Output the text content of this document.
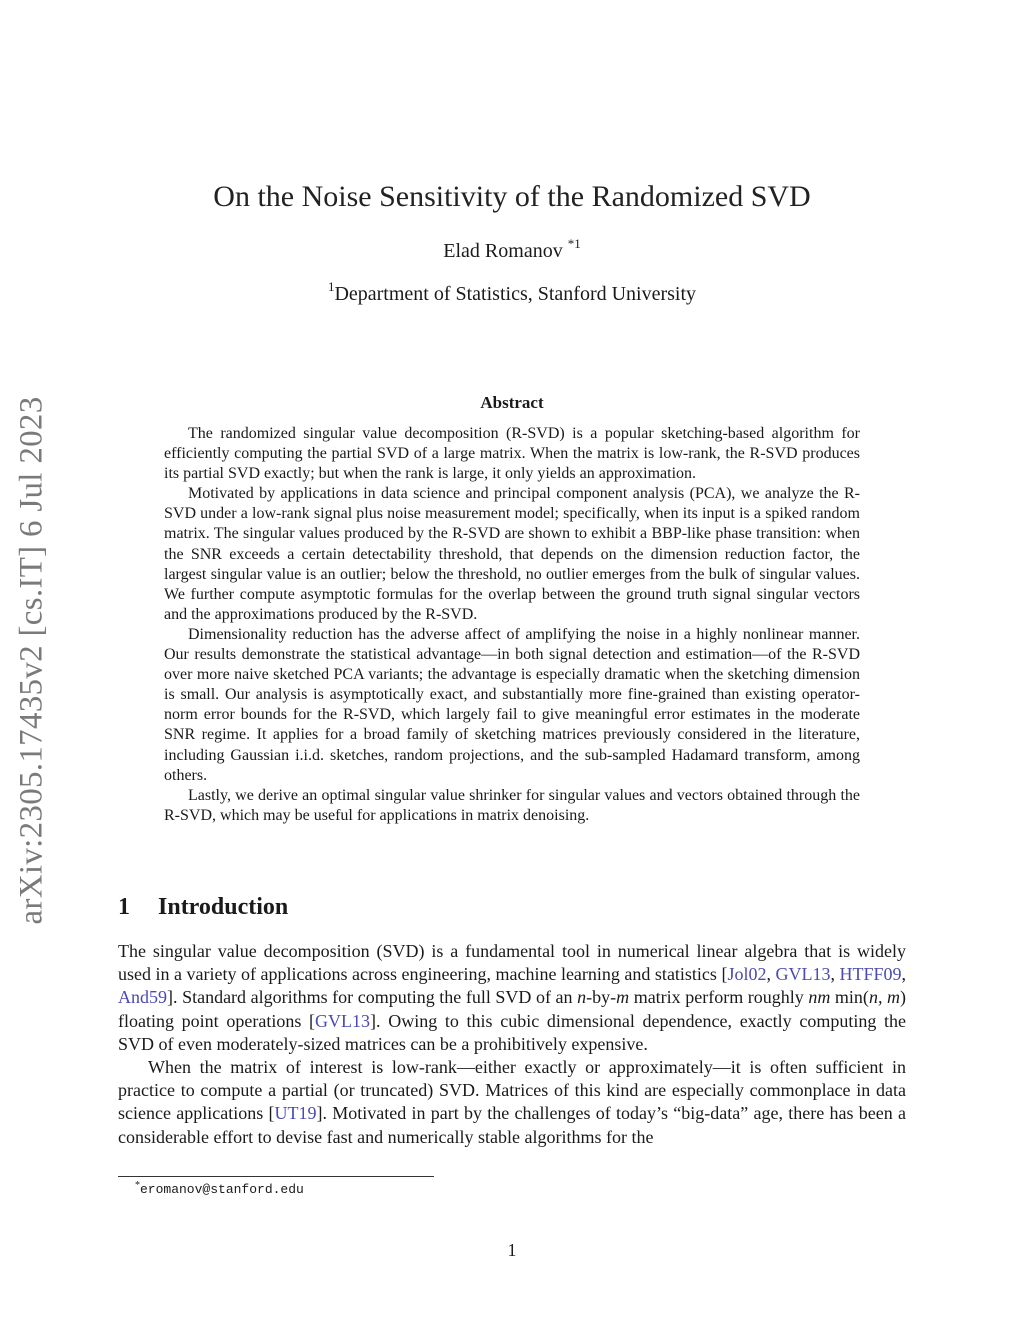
arXiv:2305.17435v2 [cs.IT] 6 Jul 2023
On the Noise Sensitivity of the Randomized SVD
Elad Romanov $^{*1}$
$^1$Department of Statistics, Stanford University
Abstract

The randomized singular value decomposition (R-SVD) is a popular sketching-based algorithm for efficiently computing the partial SVD of a large matrix. When the matrix is low-rank, the R-SVD produces its partial SVD exactly; but when the rank is large, it only yields an approximation.

Motivated by applications in data science and principal component analysis (PCA), we analyze the R-SVD under a low-rank signal plus noise measurement model; specifically, when its input is a spiked random matrix. The singular values produced by the R-SVD are shown to exhibit a BBP-like phase transition: when the SNR exceeds a certain detectability threshold, that depends on the dimension reduction factor, the largest singular value is an outlier; below the threshold, no outlier emerges from the bulk of singular values. We further compute asymptotic formulas for the overlap between the ground truth signal singular vectors and the approximations produced by the R-SVD.

Dimensionality reduction has the adverse affect of amplifying the noise in a highly nonlinear manner. Our results demonstrate the statistical advantage—in both signal detection and estimation—of the R-SVD over more naive sketched PCA variants; the advantage is especially dramatic when the sketching dimension is small. Our analysis is asymptotically exact, and substantially more fine-grained than existing operator-norm error bounds for the R-SVD, which largely fail to give meaningful error estimates in the moderate SNR regime. It applies for a broad family of sketching matrices previously considered in the literature, including Gaussian i.i.d. sketches, random projections, and the sub-sampled Hadamard transform, among others.

Lastly, we derive an optimal singular value shrinker for singular values and vectors obtained through the R-SVD, which may be useful for applications in matrix denoising.

1 Introduction

The singular value decomposition (SVD) is a fundamental tool in numerical linear algebra that is widely used in a variety of applications across engineering, machine learning and statistics [Jol02, GVL13, HTFF09, And59]. Standard algorithms for computing the full SVD of an n-by-m matrix perform roughly nm min(n, m) floating point operations [GVL13]. Owing to this cubic dimensional dependence, exactly computing the SVD of even moderately-sized matrices can be a prohibitively expensive.

When the matrix of interest is low-rank—either exactly or approximately—it is often sufficient in practice to compute a partial (or truncated) SVD. Matrices of this kind are especially commonplace in data science applications [UT19]. Motivated in part by the challenges of today’s “big-data” age, there has been a considerable effort to devise fast and numerically stable algorithms for the

*eromanov@stanford.edu
1
